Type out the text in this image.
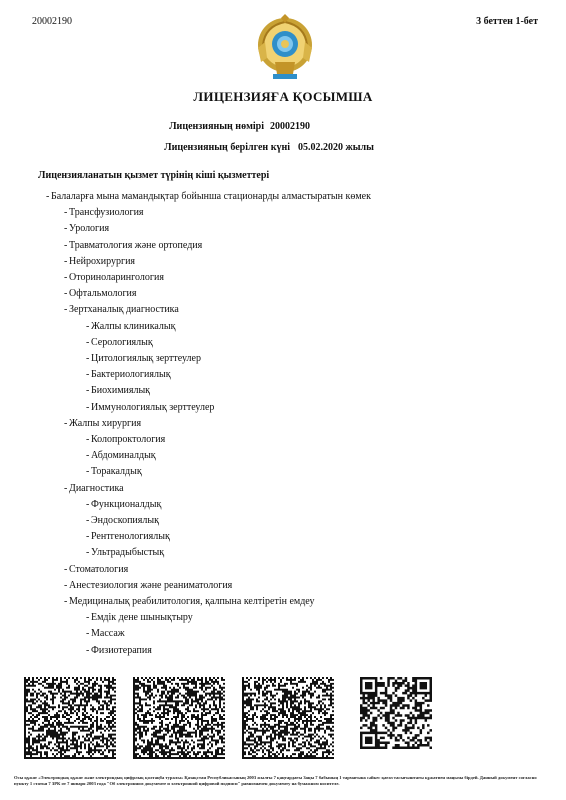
20002190	3 беттен 1-бет
ЛИЦЕНЗИЯҒА ҚОСЫМША
Лицензияның нөмірі 20002190
Лицензияның берілген күні 05.02.2020 жылы
Лицензияланатын қызмет түрінің кіші қызметтері
- Балаларға мына мамандықтар бойынша стационарды алмастыратын көмек
- Трансфузиология
- Урология
- Травматология және ортопедия
- Нейрохирургия
- Оториноларингология
- Офтальмология
- Зертханалық диагностика
- Жалпы клиникалық
- Серологиялық
- Цитологиялық зерттеулер
- Бактериологиялық
- Биохимиялық
- Иммунологиялық зерттеулер
- Жалпы хирургия
- Колопроктология
- Абдоминалдық
- Торакалдық
- Диагностика
- Функционалдық
- Эндоскопиялық
- Рентгенологиялық
- Ультрадыбыстық
- Стоматология
- Анестезиология және реаниматология
- Медициналық реабилитология, қалпына келтіретін емдеу
- Емдік дене шынықтыру
- Массаж
- Физиотерапия
Осы құжат «Электрондық құжат және электрондық цифрлық қолтаңба туралы» Қазақстан Республикасының 2003 жылғы 7 қаңтардағы Заңы 7 бабының 1 тармағына сәйкес қағаз тасығыштағы құжатпен маңызы бірдей. Данный документ согласно пункту 1 статьи 7 ЗРК от 7 января 2003 года "Об электронном документе и электронной цифровой подписи" равнозначен документу на бумажном носителе.
